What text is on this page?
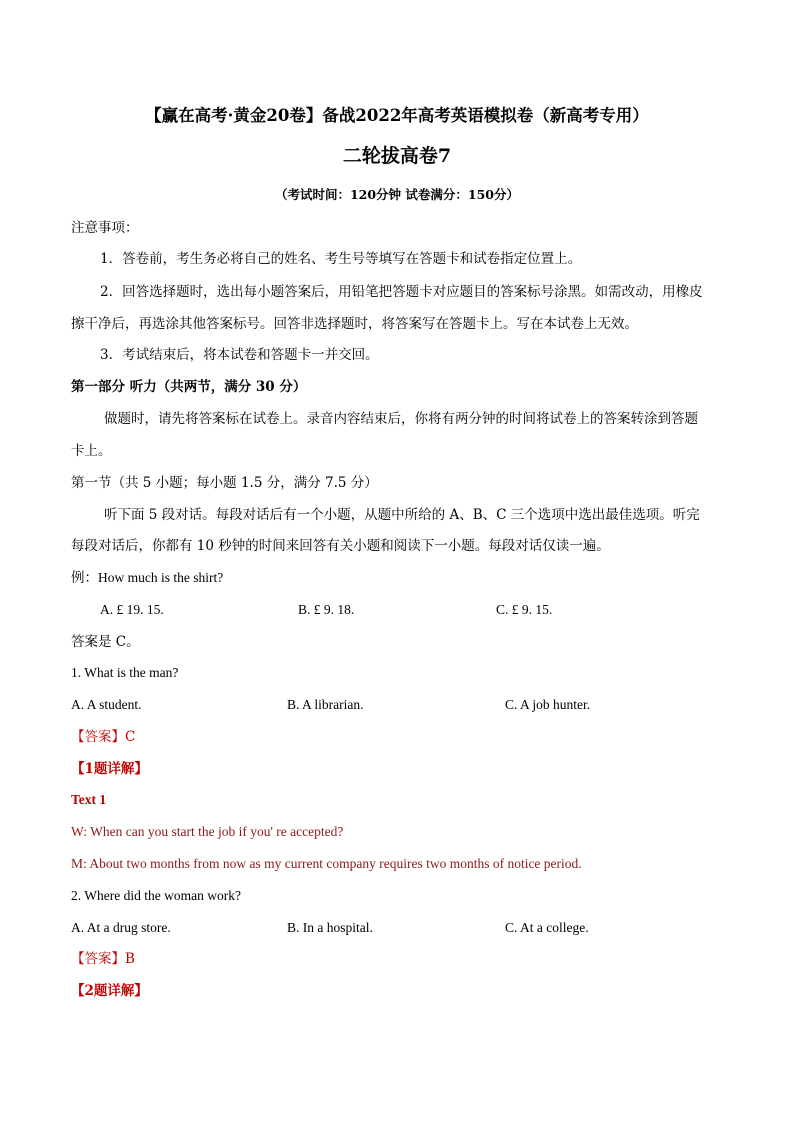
【赢在高考·黄金20卷】备战2022年高考英语模拟卷（新高考专用）
二轮拔高卷7
（考试时间：120分钟 试卷满分：150分）
注意事项：
1．答卷前，考生务必将自己的姓名、考生号等填写在答题卡和试卷指定位置上。
2．回答选择题时，选出每小题答案后，用铅笔把答题卡对应题目的答案标号涂黑。如需改动，用橡皮
擦干净后，再选涂其他答案标号。回答非选择题时，将答案写在答题卡上。写在本试卷上无效。
3．考试结束后，将本试卷和答题卡一并交回。
第一部分 听力（共两节，满分 30 分）
做题时，请先将答案标在试卷上。录音内容结束后，你将有两分钟的时间将试卷上的答案转涂到答题
卡上。
第一节（共 5 小题；每小题 1.5 分，满分 7.5 分）
听下面 5 段对话。每段对话后有一个小题，从题中所给的 A、B、C 三个选项中选出最佳选项。听完
每段对话后，你都有 10 秒钟的时间来回答有关小题和阅读下一小题。每段对话仅读一遍。
例：How much is the shirt?
A. £ 19. 15.	B. £ 9. 18.	C. £ 9. 15.
答案是 C。
1. What is the man?
A. A student.	B. A librarian.	C. A job hunter.
【答案】C
【1题详解】
Text 1
W: When can you start the job if you' re accepted?
M: About two months from now as my current company requires two months of notice period.
2. Where did the woman work?
A. At a drug store.	B. In a hospital.	C. At a college.
【答案】B
【2题详解】
